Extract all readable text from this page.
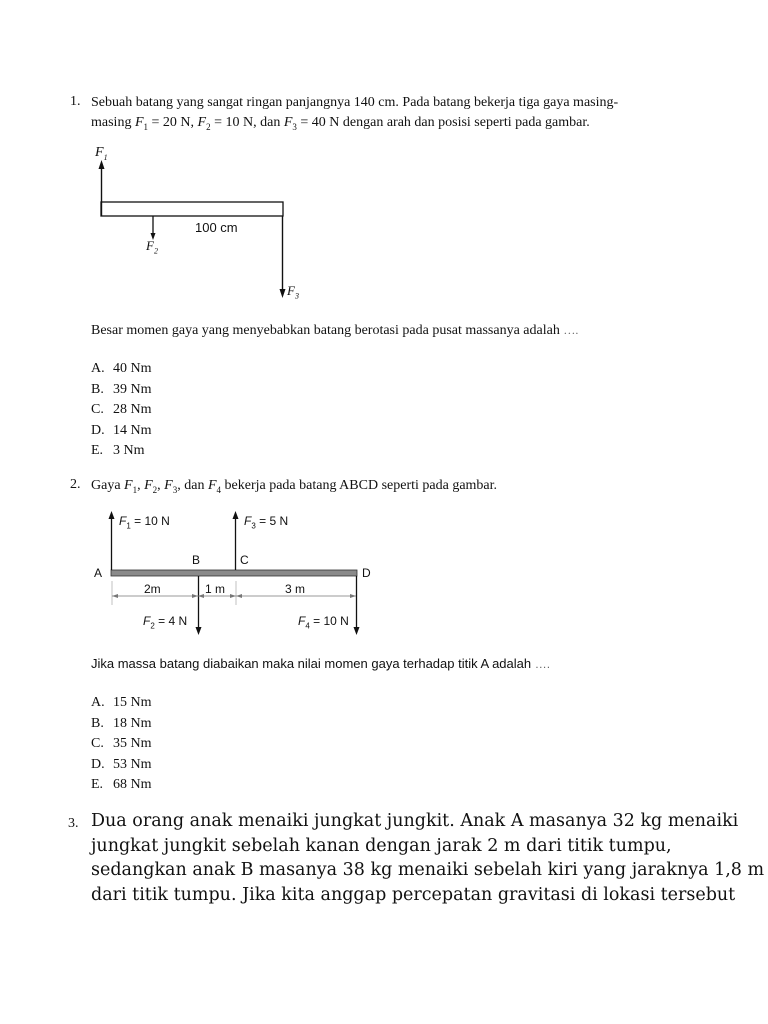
1. Sebuah batang yang sangat ringan panjangnya 140 cm. Pada batang bekerja tiga gaya masing-
masing $F_1 = 20$ N, $F_2 = 10$ N, dan $F_3 = 40$ N dengan arah dan posisi seperti pada gambar.
$F_1$
$F_2$
$F_3$
100 cm
Besar momen gaya yang menyebabkan batang berotasi pada pusat massanya adalah ….
A. 40 Nm
B. 39 Nm
C. 28 Nm
D. 14 Nm
E. 3 Nm
2. Gaya $F_1$, $F_2$, $F_3$, dan $F_4$ bekerja pada batang ABCD seperti pada gambar.
$F_1 = 10$ N	$F_3 = 5$ N
$F_2 = 4$ N	$F_4 = 10$ N
A
B	C
D
2m	1 m	3 m
Jika massa batang diabaikan maka nilai momen gaya terhadap titik A adalah ….
A. 15 Nm
B. 18 Nm
C. 35 Nm
D. 53 Nm
E. 68 Nm
3. Dua orang anak menaiki jungkat jungkit. Anak A masanya 32 kg menaiki
jungkat jungkit sebelah kanan dengan jarak 2 m dari titik tumpu,
sedangkan anak B masanya 38 kg menaiki sebelah kiri yang jaraknya 1,8 m
dari titik tumpu. Jika kita anggap percepatan gravitasi di lokasi tersebut
